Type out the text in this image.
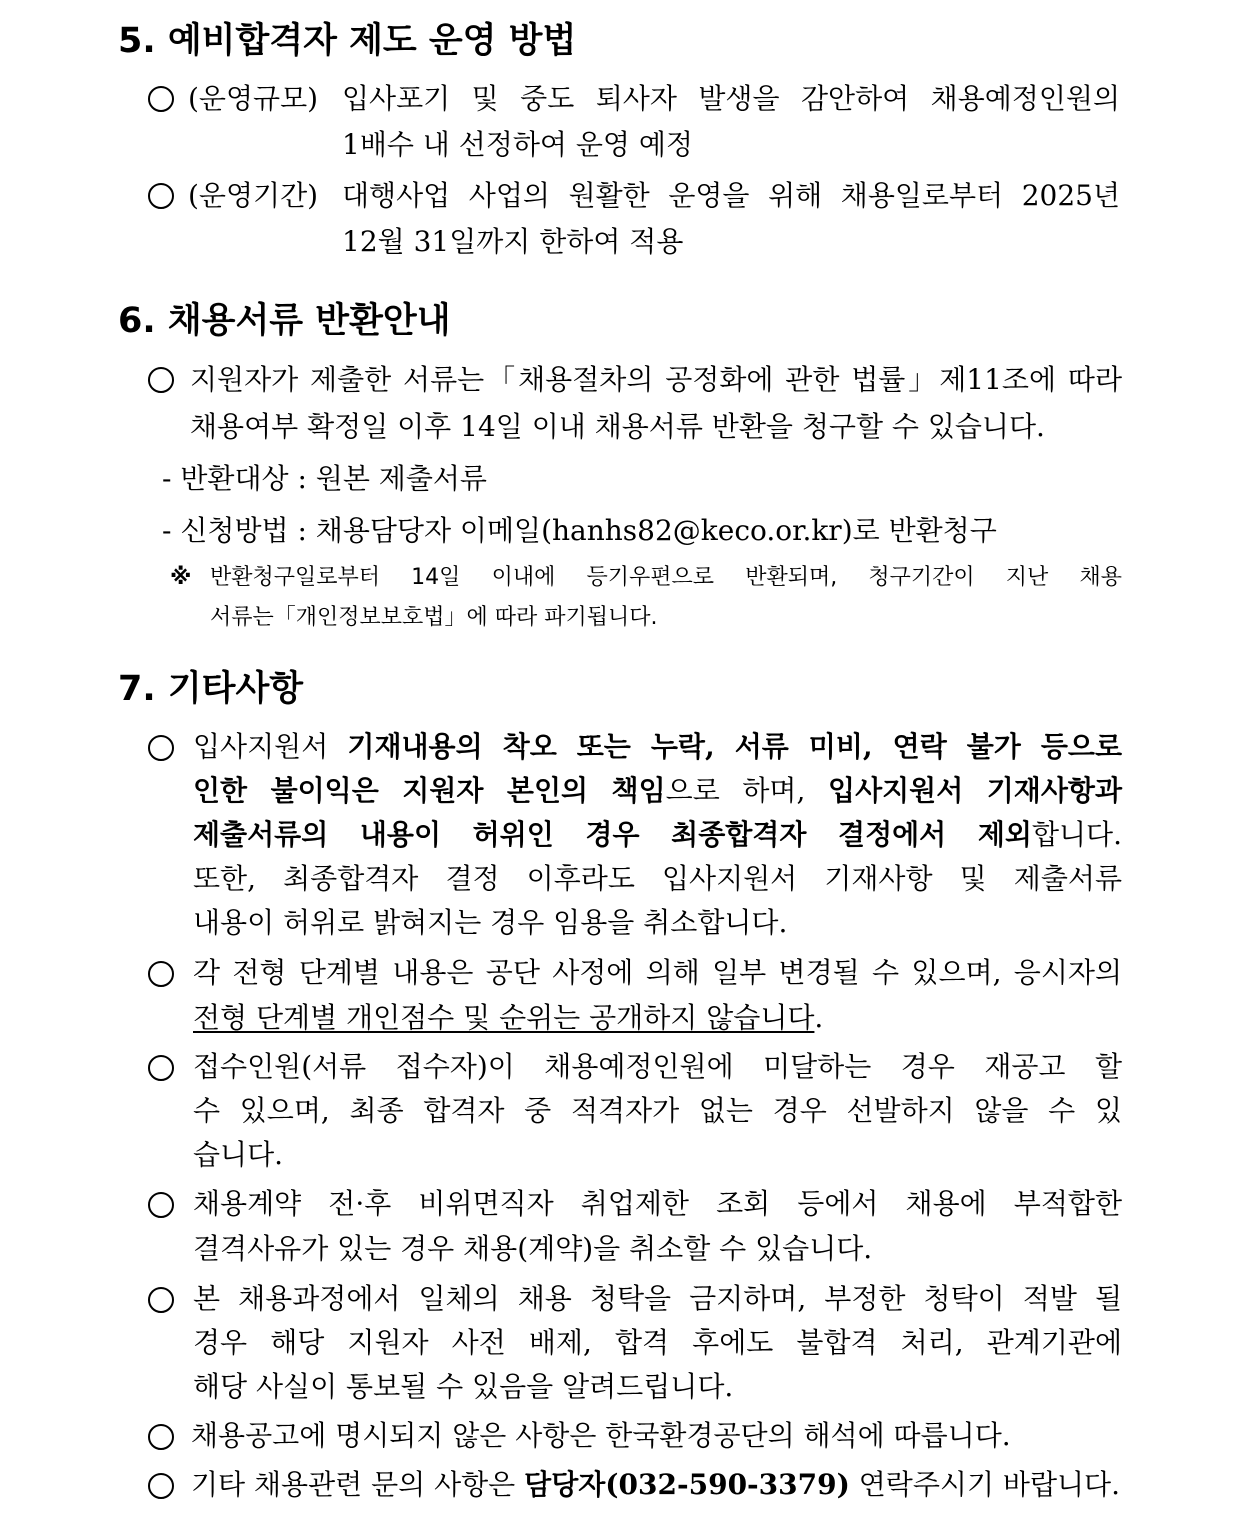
5. 예비합격자 제도 운영 방법
(운영규모) 입사포기 및 중도 퇴사자 발생을 감안하여 채용예정인원의
1배수 내 선정하여 운영 예정
(운영기간) 대행사업 사업의 원활한 운영을 위해 채용일로부터 2025년
12월 31일까지 한하여 적용
6. 채용서류 반환안내
지원자가 제출한 서류는「채용절차의 공정화에 관한 법률」제11조에 따라
채용여부 확정일 이후 14일 이내 채용서류 반환을 청구할 수 있습니다.
- 반환대상 : 원본 제출서류
- 신청방법 : 채용담당자 이메일(hanhs82@keco.or.kr)로 반환청구
※ 반환청구일로부터 14일 이내에 등기우편으로 반환되며, 청구기간이 지난 채용
서류는「개인정보보호법」에 따라 파기됩니다.
7. 기타사항
입사지원서 기재내용의 착오 또는 누락, 서류 미비, 연락 불가 등으로
인한 불이익은 지원자 본인의 책임으로 하며, 입사지원서 기재사항과
제출서류의 내용이 허위인 경우 최종합격자 결정에서 제외합니다.
또한, 최종합격자 결정 이후라도 입사지원서 기재사항 및 제출서류
내용이 허위로 밝혀지는 경우 임용을 취소합니다.
각 전형 단계별 내용은 공단 사정에 의해 일부 변경될 수 있으며, 응시자의
전형 단계별 개인점수 및 순위는 공개하지 않습니다.
접수인원(서류 접수자)이 채용예정인원에 미달하는 경우 재공고 할
수 있으며, 최종 합격자 중 적격자가 없는 경우 선발하지 않을 수 있
습니다.
채용계약 전·후 비위면직자 취업제한 조회 등에서 채용에 부적합한
결격사유가 있는 경우 채용(계약)을 취소할 수 있습니다.
본 채용과정에서 일체의 채용 청탁을 금지하며, 부정한 청탁이 적발 될
경우 해당 지원자 사전 배제, 합격 후에도 불합격 처리, 관계기관에
해당 사실이 통보될 수 있음을 알려드립니다.
채용공고에 명시되지 않은 사항은 한국환경공단의 해석에 따릅니다.
기타 채용관련 문의 사항은 담당자(032-590-3379) 연락주시기 바랍니다.
